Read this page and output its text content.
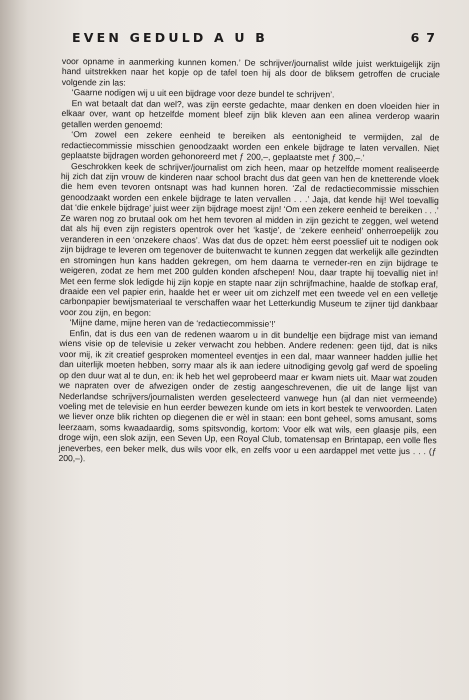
EVEN GEDULD A U B	67

voor opname in aanmerking kunnen komen.’ De schrijver/journalist wilde juist werktuigelijk zijn hand uitstrekken naar het kopje op de tafel toen hij als door de bliksem getroffen de cruciale volgende zin las:

‘Gaarne nodigen wij u uit een bijdrage voor deze bundel te schrijven’.

En wat betaalt dat dan wel?, was zijn eerste gedachte, maar denken en doen vloeiden hier in elkaar over, want op hetzelfde moment bleef zijn blik kleven aan een alinea verderop waarin getallen werden genoemd:

‘Om zowel een zekere eenheid te bereiken als eentonigheid te vermijden, zal de redactiecommissie misschien genoodzaakt worden een enkele bijdrage te laten vervallen. Niet geplaatste bijdragen worden gehonoreerd met ƒ 200,–, geplaatste met ƒ 300,–.’

Geschrokken keek de schrijver/journalist om zich heen, maar op hetzelfde moment realiseerde hij zich dat zijn vrouw de kinderen naar school bracht dus dat geen van hen de knetterende vloek die hem even tevoren ontsnapt was had kunnen horen. ‘Zal de redactiecommissie misschien genoodzaakt worden een enkele bijdrage te laten vervallen . . .’ Jaja, dat kende hij! Wel toevallig dat ‘die enkele bijdrage’ juist weer zijn bijdrage moest zijn! ‘Om een zekere eenheid te bereiken . . .’ Ze waren nog zo brutaal ook om het hem tevoren al midden in zijn gezicht te zeggen, wel wetend dat als hij even zijn registers opentrok over het ‘kastje’, de ‘zekere eenheid’ onherroepelijk zou veranderen in een ‘onzekere chaos’. Was dat dus de opzet: hèm eerst poesslief uit te nodigen ook zijn bijdrage te leveren om tegenover de buitenwacht te kunnen zeggen dat werkelijk alle gezindten en stromingen hun kans hadden gekregen, om hem daarna te verneder-ren en zijn bijdrage te weigeren, zodat ze hem met 200 gulden konden afschepen! Nou, daar trapte hij toevallig niet in! Met een ferme slok ledigde hij zijn kopje en stapte naar zijn schrijfmachine, haalde de stofkap eraf, draaide een vel papier erin, haalde het er weer uit om zichzelf met een tweede vel en een velletje carbonpapier bewijsmateriaal te verschaffen waar het Letterkundig Museum te zijner tijd dankbaar voor zou zijn, en begon:

‘Mijne dame, mijne heren van de ‘redactiecommissie’!’

Enfin, dat is dus een van de redenen waarom u in dit bundeltje een bijdrage mist van iemand wiens visie op de televisie u zeker verwacht zou hebben. Andere redenen: geen tijd, dat is niks voor mij, ik zit creatief gesproken momenteel eventjes in een dal, maar wanneer hadden jullie het dan uiterlijk moeten hebben, sorry maar als ik aan iedere uitnodiging gevolg gaf werd de spoeling op den duur wat al te dun, en: ik heb het wel geprobeerd maar er kwam niets uit. Maar wat zouden we napraten over de afwezigen onder de zestig aangeschrevenen, die uit de lange lijst van Nederlandse schrijvers/journalisten werden geselecteerd vanwege hun (al dan niet vermeende) voeling met de televisie en hun eerder bewezen kunde om iets in kort bestek te verwoorden. Laten we liever onze blik richten op diegenen die er wèl in staan: een bont geheel, soms amusant, soms leerzaam, soms kwaadaardig, soms spitsvondig, kortom: Voor elk wat wils, een glaasje pils, een droge wijn, een slok azijn, een Seven Up, een Royal Club, tomatensap en Brintapap, een volle fles jeneverbes, een beker melk, dus wils voor elk, en zelfs voor u een aardappel met vette jus . . . (ƒ 200,–).
